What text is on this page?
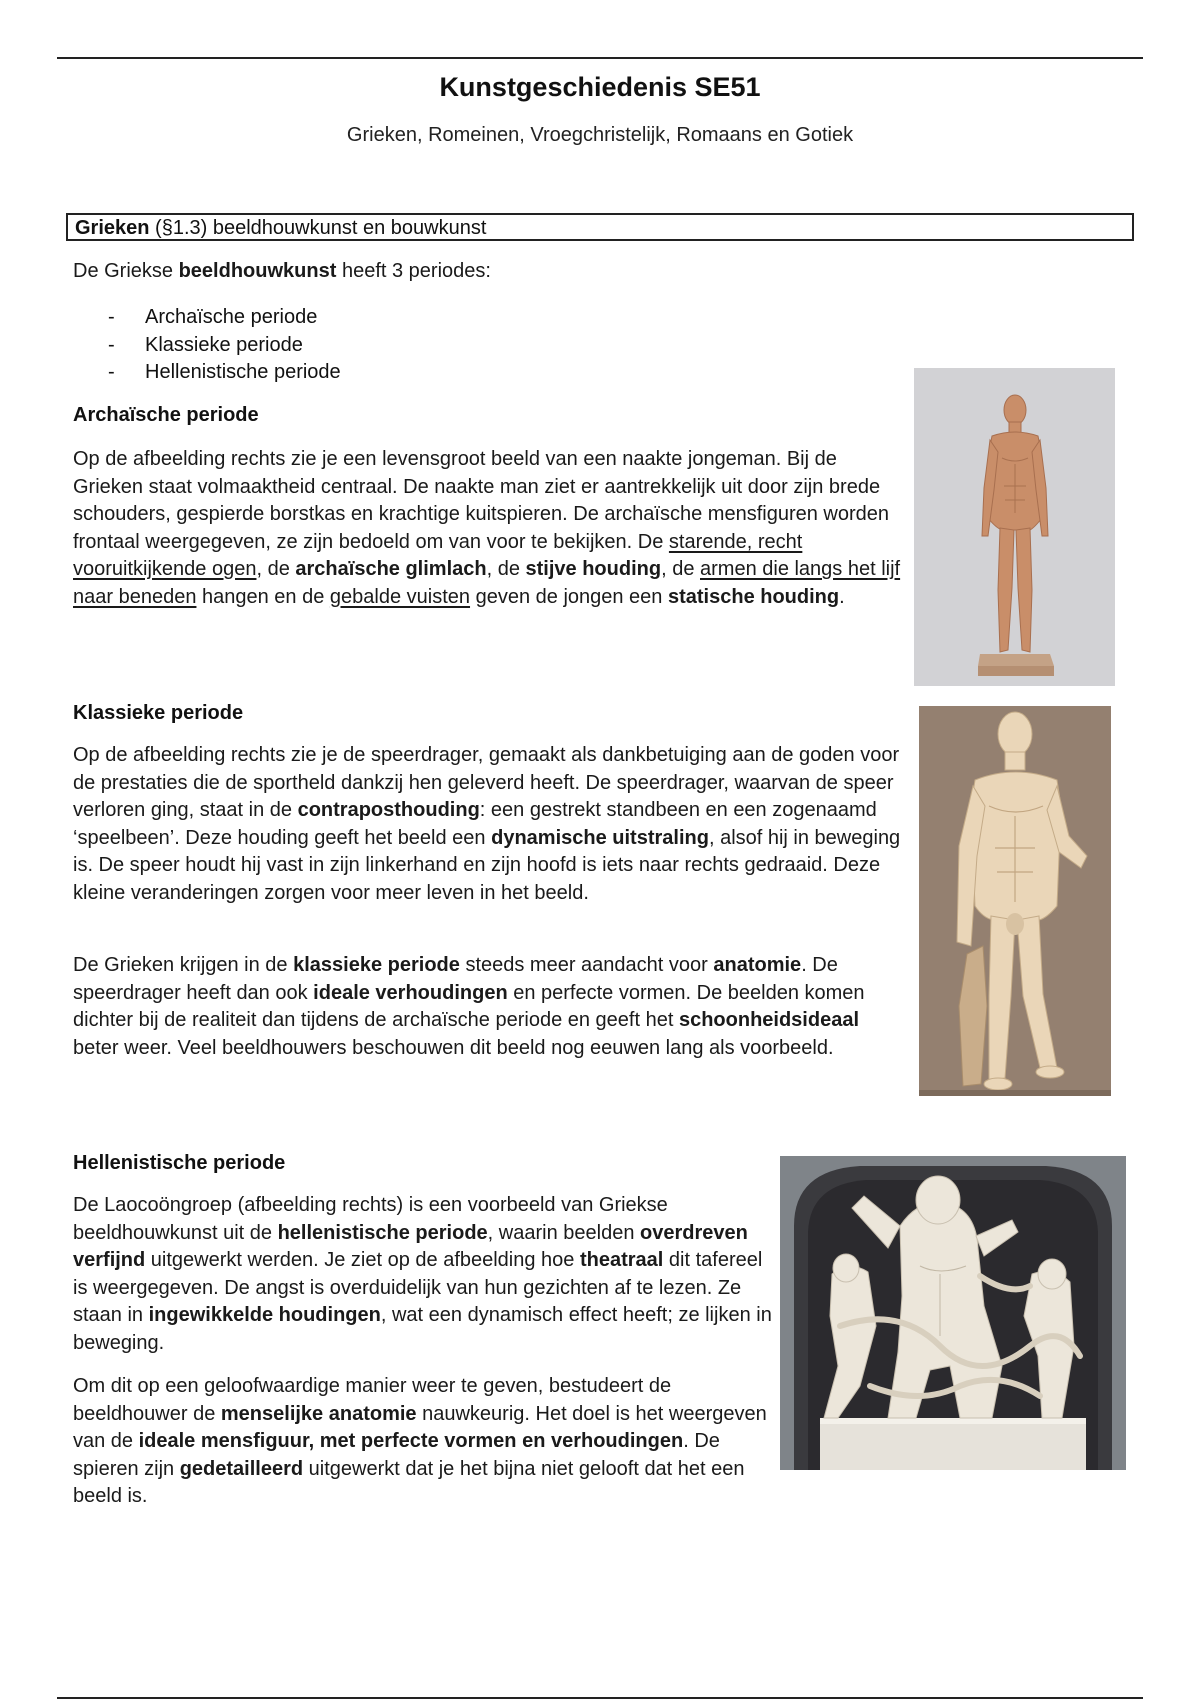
Kunstgeschiedenis SE51
Grieken, Romeinen, Vroegchristelijk, Romaans en Gotiek
Grieken (§1.3) beeldhouwkunst en bouwkunst

De Griekse beeldhouwkunst heeft 3 periodes:

- Archaïsche periode
- Klassieke periode
- Hellenistische periode
Archaïsche periode

Op de afbeelding rechts zie je een levensgroot beeld van een naakte jongeman. Bij de Grieken staat volmaaktheid centraal. De naakte man ziet er aantrekkelijk uit door zijn brede schouders, gespierde borstkas en krachtige kuitspieren. De archaïsche mensfiguren worden frontaal weergegeven, ze zijn bedoeld om van voor te bekijken. De starende, recht vooruitkijkende ogen, de archaïsche glimlach, de stijve houding, de armen die langs het lijf naar beneden hangen en de gebalde vuisten geven de jongen een statische houding.

Klassieke periode

Op de afbeelding rechts zie je de speerdrager, gemaakt als dankbetuiging aan de goden voor de prestaties die de sportheld dankzij hen geleverd heeft. De speerdrager, waarvan de speer verloren ging, staat in de contraposthouding: een gestrekt standbeen en een zogenaamd ‘speelbeen’. Deze houding geeft het beeld een dynamische uitstraling, alsof hij in beweging is. De speer houdt hij vast in zijn linkerhand en zijn hoofd is iets naar rechts gedraaid. Deze kleine veranderingen zorgen voor meer leven in het beeld.

De Grieken krijgen in de klassieke periode steeds meer aandacht voor anatomie. De speerdrager heeft dan ook ideale verhoudingen en perfecte vormen. De beelden komen dichter bij de realiteit dan tijdens de archaïsche periode en geeft het schoonheidsideaal beter weer. Veel beeldhouwers beschouwen dit beeld nog eeuwen lang als voorbeeld.

Hellenistische periode

De Laocoöngroep (afbeelding rechts) is een voorbeeld van Griekse beeldhouwkunst uit de hellenistische periode, waarin beelden overdreven verfijnd uitgewerkt werden. Je ziet op de afbeelding hoe theatraal dit tafereel is weergegeven. De angst is overduidelijk van hun gezichten af te lezen. Ze staan in ingewikkelde houdingen, wat een dynamisch effect heeft; ze lijken in beweging.

Om dit op een geloofwaardige manier weer te geven, bestudeert de beeldhouwer de menselijke anatomie nauwkeurig. Het doel is het weergeven van de ideale mensfiguur, met perfecte vormen en verhoudingen. De spieren zijn gedetailleerd uitgewerkt dat je het bijna niet gelooft dat het een beeld is.
